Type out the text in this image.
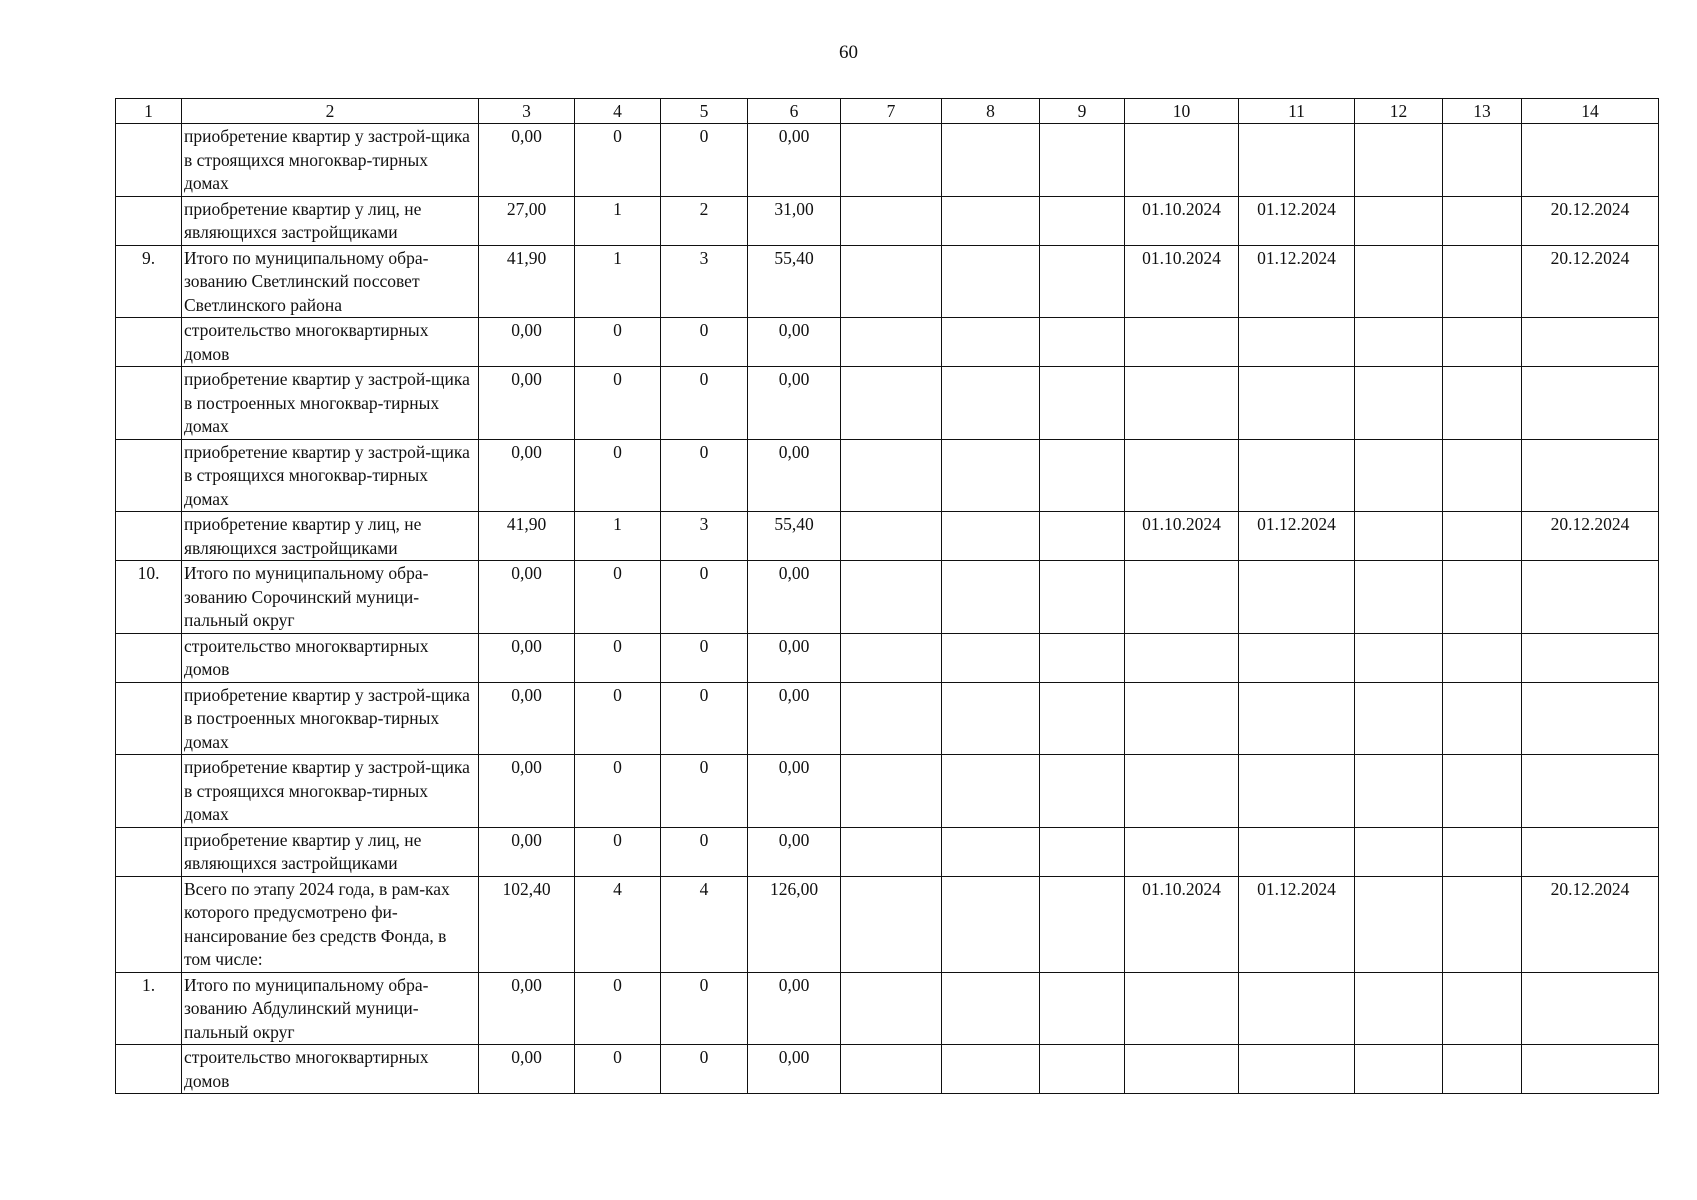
60
1	2	3	4	5	6	7	8	9	10	11	12	13	14
	приобретение квартир у застрой-щика в строящихся многоквар-тирных домах	0,00	0	0	0,00								
	приобретение квартир у лиц, не являющихся застройщиками	27,00	1	2	31,00				01.10.2024	01.12.2024			20.12.2024
9.	Итого по муниципальному обра-зованию Светлинский поссовет Светлинского района	41,90	1	3	55,40				01.10.2024	01.12.2024			20.12.2024
	строительство многоквартирных домов	0,00	0	0	0,00								
	приобретение квартир у застрой-щика в построенных многоквар-тирных домах	0,00	0	0	0,00								
	приобретение квартир у застрой-щика в строящихся многоквар-тирных домах	0,00	0	0	0,00								
	приобретение квартир у лиц, не являющихся застройщиками	41,90	1	3	55,40				01.10.2024	01.12.2024			20.12.2024
10.	Итого по муниципальному обра-зованию Сорочинский муници-пальный округ	0,00	0	0	0,00								
	строительство многоквартирных домов	0,00	0	0	0,00								
	приобретение квартир у застрой-щика в построенных многоквар-тирных домах	0,00	0	0	0,00								
	приобретение квартир у застрой-щика в строящихся многоквар-тирных домах	0,00	0	0	0,00								
	приобретение квартир у лиц, не являющихся застройщиками	0,00	0	0	0,00								
	Всего по этапу 2024 года, в рам-ках которого предусмотрено фи-нансирование без средств Фонда, в том числе:	102,40	4	4	126,00				01.10.2024	01.12.2024			20.12.2024
1.	Итого по муниципальному обра-зованию Абдулинский муници-пальный округ	0,00	0	0	0,00								
	строительство многоквартирных домов	0,00	0	0	0,00								
